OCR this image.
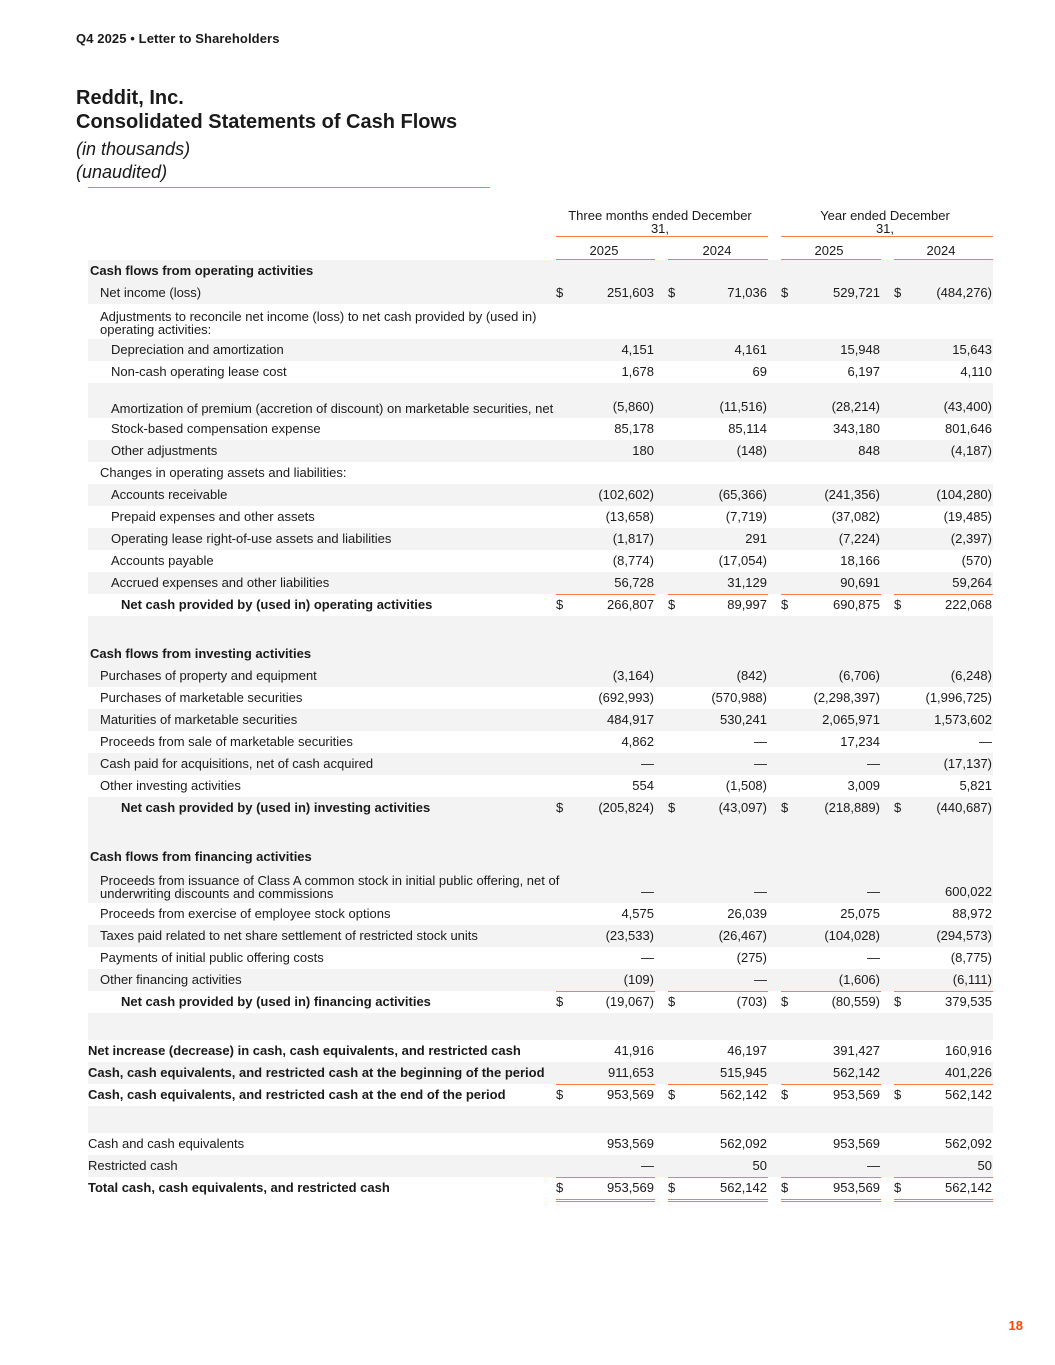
Q4 2025 • Letter to Shareholders
Reddit, Inc.
Consolidated Statements of Cash Flows
(in thousands)
(unaudited)
Three months ended December 31,
Year ended December 31,
2025	2024	2025	2024
Cash flows from operating activities
Net income (loss)	$	251,603 $	71,036 $	529,721 $	(484,276)
Adjustments to reconcile net income (loss) to net cash provided by (used in) operating activities:
Depreciation and amortization	4,151	4,161	15,948	15,643
Non-cash operating lease cost	1,678	69	6,197	4,110
Amortization of premium (accretion of discount) on marketable securities, net	(5,860)	(11,516)	(28,214)	(43,400)
Stock-based compensation expense	85,178	85,114	343,180	801,646
Other adjustments	180	(148)	848	(4,187)
Changes in operating assets and liabilities:
Accounts receivable	(102,602)	(65,366)	(241,356)	(104,280)
Prepaid expenses and other assets	(13,658)	(7,719)	(37,082)	(19,485)
Operating lease right-of-use assets and liabilities	(1,817)	291	(7,224)	(2,397)
Accounts payable	(8,774)	(17,054)	18,166	(570)
Accrued expenses and other liabilities	56,728	31,129	90,691	59,264
Net cash provided by (used in) operating activities	$	266,807 $	89,997 $	690,875 $	222,068
Cash flows from investing activities
Purchases of property and equipment	(3,164)	(842)	(6,706)	(6,248)
Purchases of marketable securities	(692,993)	(570,988)	(2,298,397)	(1,996,725)
Maturities of marketable securities	484,917	530,241	2,065,971	1,573,602
Proceeds from sale of marketable securities	4,862	—	17,234	—
Cash paid for acquisitions, net of cash acquired	—	—	—	(17,137)
Other investing activities	554	(1,508)	3,009	5,821
Net cash provided by (used in) investing activities	$	(205,824) $	(43,097) $	(218,889) $	(440,687)
Cash flows from financing activities
Proceeds from issuance of Class A common stock in initial public offering, net of underwriting discounts and commissions	—	—	—	600,022
Proceeds from exercise of employee stock options	4,575	26,039	25,075	88,972
Taxes paid related to net share settlement of restricted stock units	(23,533)	(26,467)	(104,028)	(294,573)
Payments of initial public offering costs	—	(275)	—	(8,775)
Other financing activities	(109)	—	(1,606)	(6,111)
Net cash provided by (used in) financing activities	$	(19,067) $	(703) $	(80,559) $	379,535
Net increase (decrease) in cash, cash equivalents, and restricted cash	41,916	46,197	391,427	160,916
Cash, cash equivalents, and restricted cash at the beginning of the period	911,653	515,945	562,142	401,226
Cash, cash equivalents, and restricted cash at the end of the period	$	953,569 $	562,142 $	953,569 $	562,142
Cash and cash equivalents	953,569	562,092	953,569	562,092
Restricted cash	—	50	—	50
Total cash, cash equivalents, and restricted cash	$	953,569 $	562,142 $	953,569 $	562,142
18
